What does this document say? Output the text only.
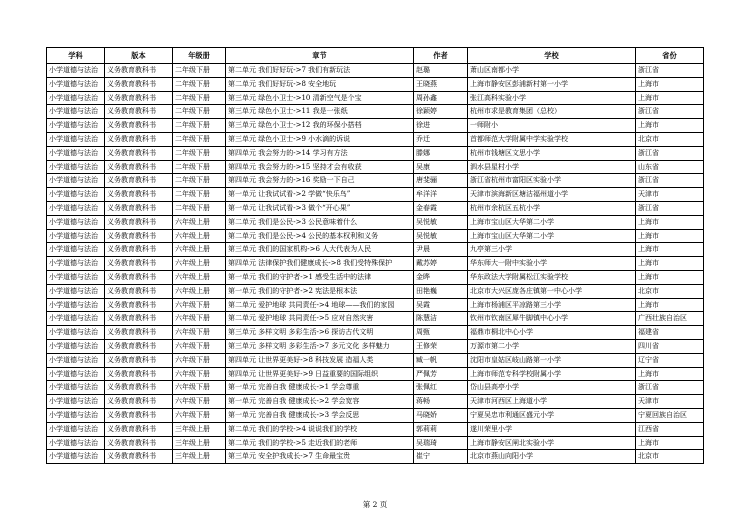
学科	版本	年级册	章节	作者	学校	省份
小学道德与法治	义务教育教科书	二年级下册	第二单元 我们好好玩->7 我们有新玩法	赵璐	萧山区南都小学	浙江省
小学道德与法治	义务教育教科书	二年级下册	第二单元 我们好好玩->8 安全地玩	王晓燕	上海市静安区彭浦新村第一小学	上海市
小学道德与法治	义务教育教科书	二年级下册	第三单元 绿色小卫士->10 清新空气是个宝	周孙鑫	张江高科实验小学	上海市
小学道德与法治	义务教育教科书	二年级下册	第三单元 绿色小卫士->11 我是一张纸	徐颖婷	杭州市求是教育集团（总校）	浙江省
小学道德与法治	义务教育教科书	二年级下册	第三单元 绿色小卫士->12 我的环保小搭档	徐进	一师附小	上海市
小学道德与法治	义务教育教科书	二年级下册	第三单元 绿色小卫士->9 小水滴的诉说	乔迁	首都师范大学附属中学实验学校	北京市
小学道德与法治	义务教育教科书	二年级下册	第四单元 我会努力的->14 学习有方法	滕娜	杭州市钱塘区文思小学	浙江省
小学道德与法治	义务教育教科书	二年级下册	第四单元 我会努力的->15 坚持才会有收获	吴康	泗水县星村小学	山东省
小学道德与法治	义务教育教科书	二年级下册	第四单元 我会努力的->16 奖励一下自己	唐斐骊	浙江省杭州市富阳区实验小学	浙江省
小学道德与法治	义务教育教科书	二年级下册	第一单元 让我试试看->2 学做“快乐鸟”	牟洋洋	天津市滨海新区塘沽福州道小学	天津市
小学道德与法治	义务教育教科书	二年级下册	第一单元 让我试试看->3 做个“开心果”	金春霞	杭州市余杭区五杭小学	浙江省
小学道德与法治	义务教育教科书	六年级上册	第二单元 我们是公民->3 公民意味着什么	吴悦敏	上海市宝山区大华第二小学	上海市
小学道德与法治	义务教育教科书	六年级上册	第二单元 我们是公民->4 公民的基本权利和义务	吴悦敏	上海市宝山区大华第二小学	上海市
小学道德与法治	义务教育教科书	六年级上册	第三单元 我们的国家机构->6 人大代表为人民	尹晨	九亭第三小学	上海市
小学道德与法治	义务教育教科书	六年级上册	第四单元 法律保护我们健康成长->8 我们受特殊保护	戴苏婷	华东师大一附中实验小学	上海市
小学道德与法治	义务教育教科书	六年级上册	第一单元 我们的守护者->1 感受生活中的法律	金晔	华东政法大学附属松江实验学校	上海市
小学道德与法治	义务教育教科书	六年级上册	第一单元 我们的守护者->2 宪法是根本法	田艳巍	北京市大兴区庞各庄镇第一中心小学	北京市
小学道德与法治	义务教育教科书	六年级下册	第二单元 爱护地球 共同责任->4 地球——我们的家园	吴霞	上海市杨浦区平凉路第三小学	上海市
小学道德与法治	义务教育教科书	六年级下册	第二单元 爱护地球 共同责任->5 应对自然灾害	陈慧洁	钦州市钦南区犀牛脚镇中心小学	广西壮族自治区
小学道德与法治	义务教育教科书	六年级下册	第三单元 多样文明 多彩生活->6 探访古代文明	周甄	福鼎市桐北中心小学	福建省
小学道德与法治	义务教育教科书	六年级下册	第三单元 多样文明 多彩生活->7 多元文化 多样魅力	王修荣	万源市第二小学	四川省
小学道德与法治	义务教育教科书	六年级下册	第四单元 让世界更美好->8 科技发展 造福人类	臧一帆	沈阳市皇姑区岐山路第一小学	辽宁省
小学道德与法治	义务教育教科书	六年级下册	第四单元 让世界更美好->9 日益重要的国际组织	严佩芳	上海市师范专科学校附属小学	上海市
小学道德与法治	义务教育教科书	六年级下册	第一单元 完善自我 健康成长->1 学会尊重	张佩红	岱山县高亭小学	浙江省
小学道德与法治	义务教育教科书	六年级下册	第一单元 完善自我 健康成长->2 学会宽容	蒋畅	天津市河西区上海道小学	天津市
小学道德与法治	义务教育教科书	六年级下册	第一单元 完善自我 健康成长->3 学会反思	马晓娇	宁夏吴忠市利通区盛元小学	宁夏回族自治区
小学道德与法治	义务教育教科书	三年级上册	第二单元 我们的学校->4 说说我们的学校	郭莉莉	遂川荣里小学	江西省
小学道德与法治	义务教育教科书	三年级上册	第二单元 我们的学校->5 走近我们的老师	吴瑞琦	上海市静安区闸北实验小学	上海市
小学道德与法治	义务教育教科书	三年级上册	第三单元 安全护我成长->7 生命最宝贵	崔宁	北京市燕山向阳小学	北京市
第 2 页
